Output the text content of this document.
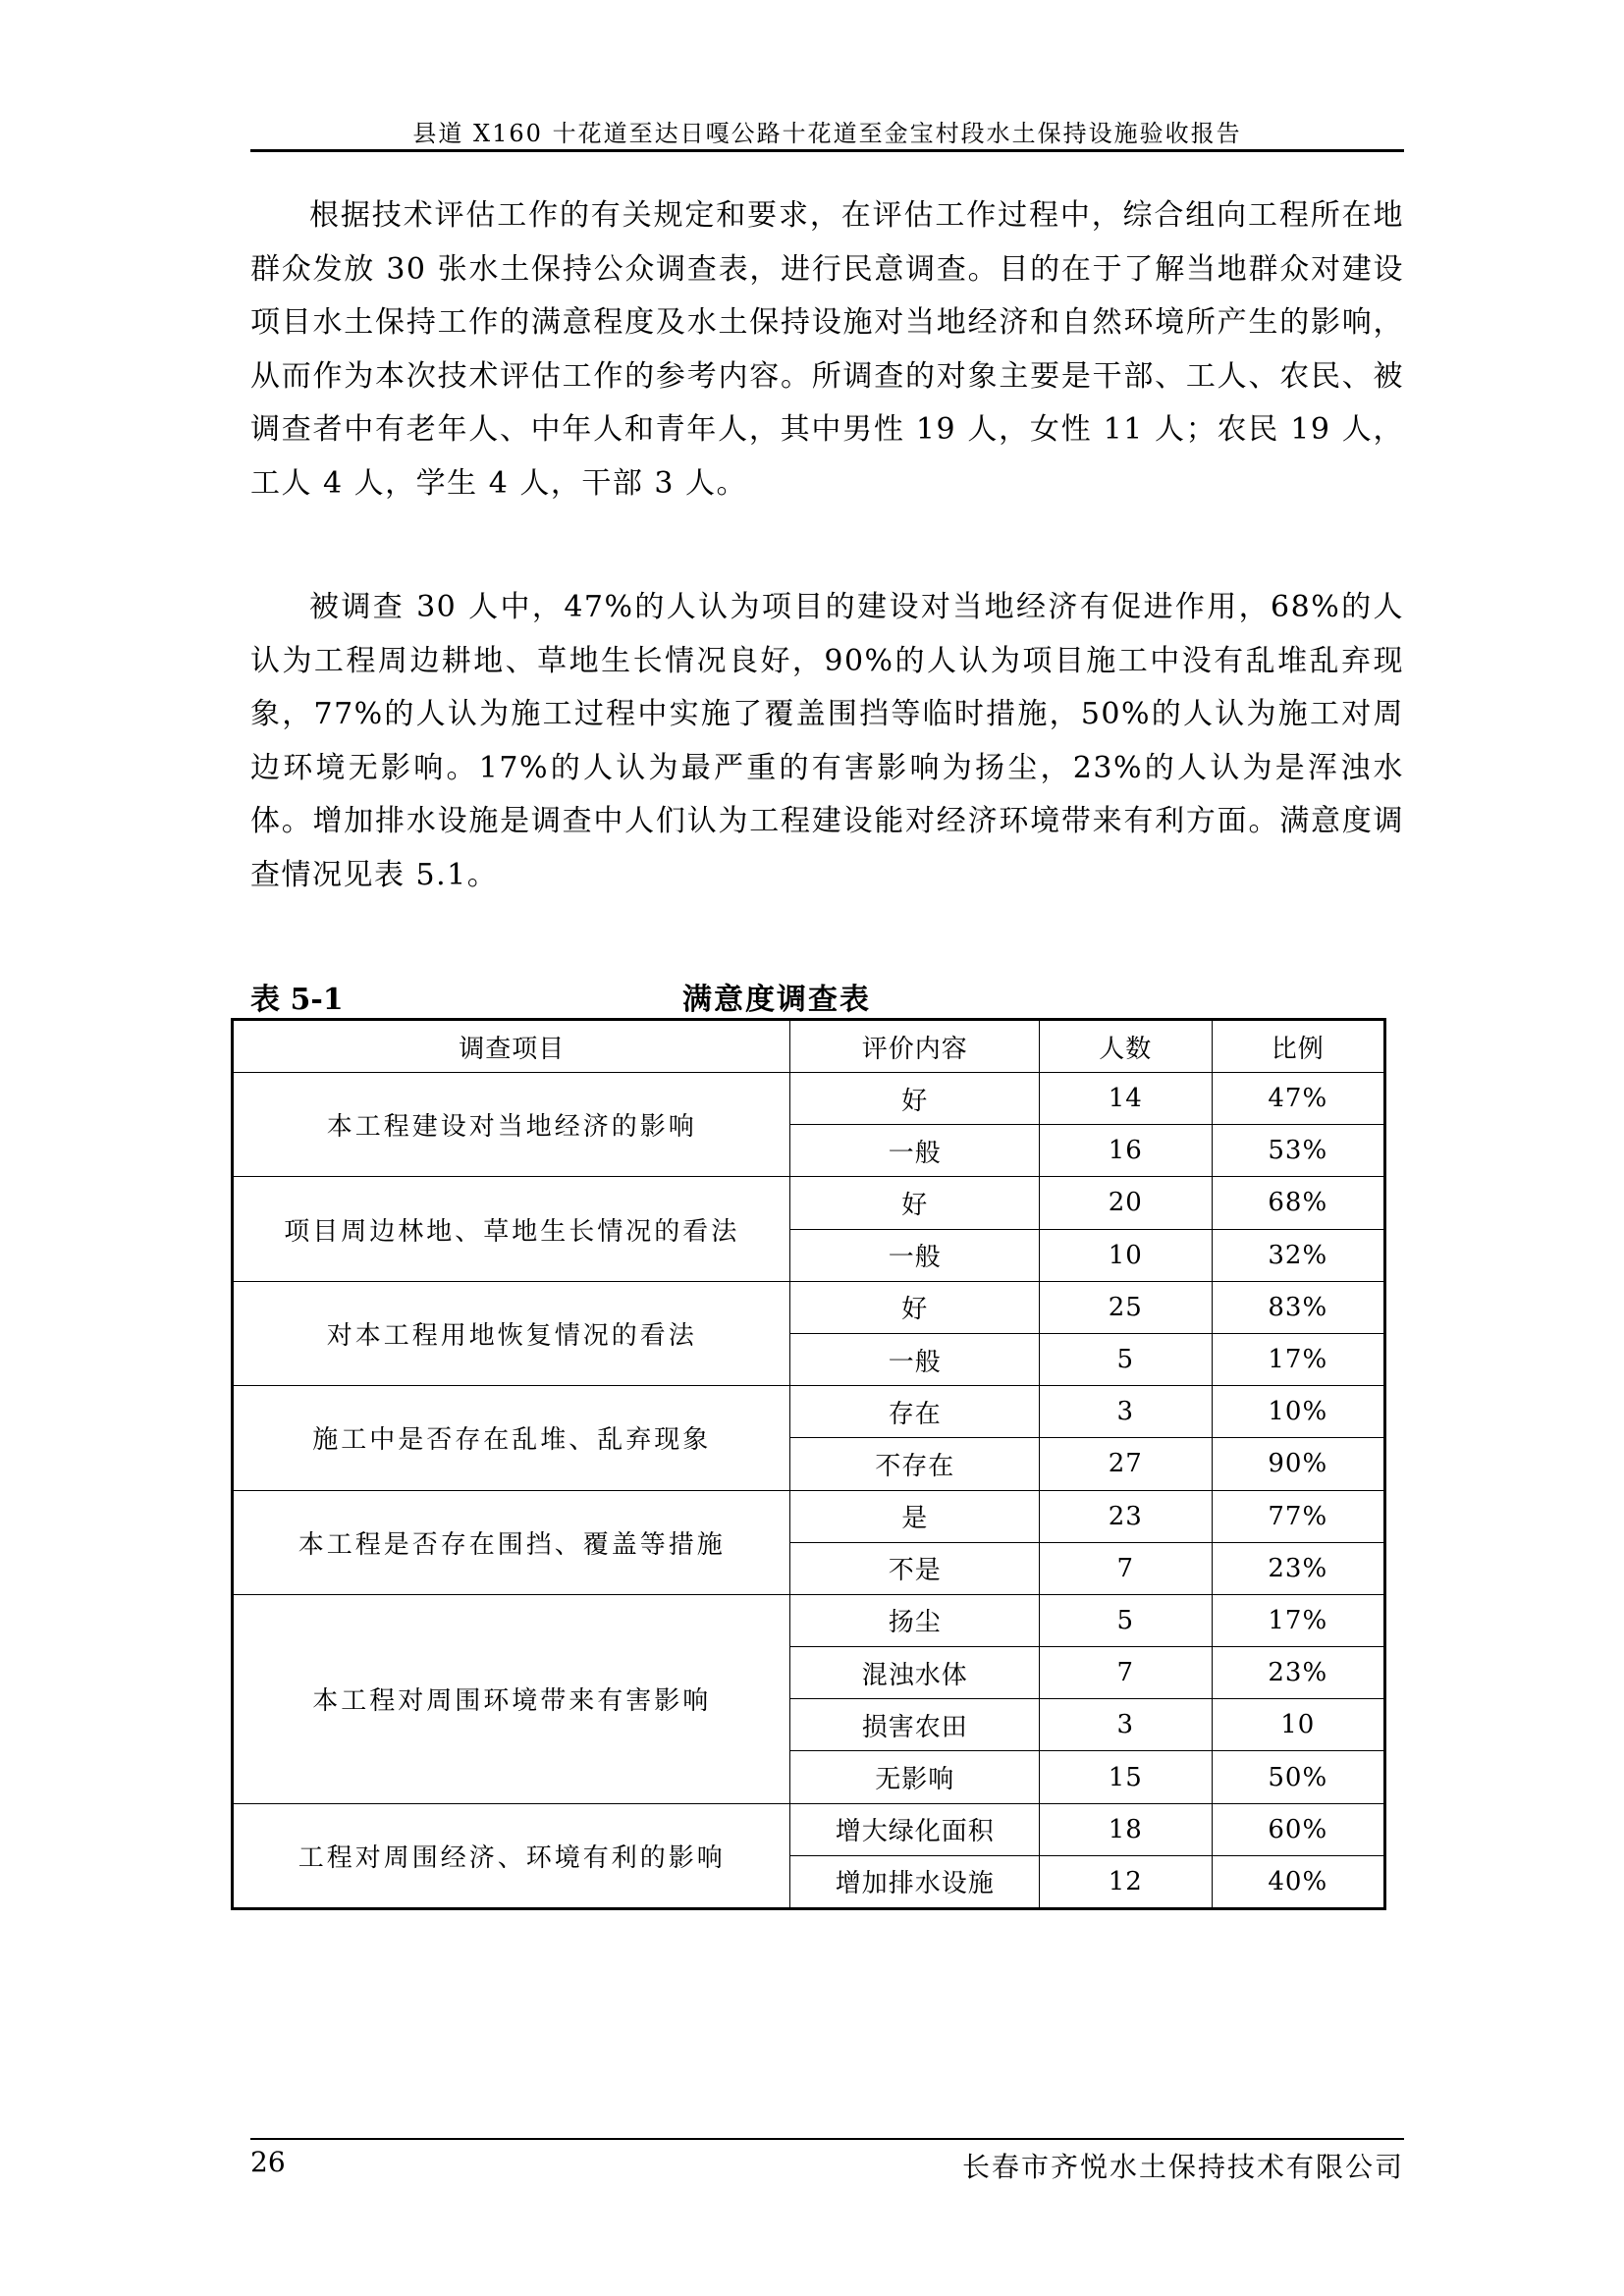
县道 X160 十花道至达日嘎公路十花道至金宝村段水土保持设施验收报告

根据技术评估工作的有关规定和要求，在评估工作过程中，综合组向工程所在地群众发放 30 张水土保持公众调查表，进行民意调查。目的在于了解当地群众对建设项目水土保持工作的满意程度及水土保持设施对当地经济和自然环境所产生的影响，从而作为本次技术评估工作的参考内容。所调查的对象主要是干部、工人、农民、被调查者中有老年人、中年人和青年人，其中男性 19 人，女性 11 人；农民 19 人，工人 4 人，学生 4 人，干部 3 人。

被调查 30 人中，47%的人认为项目的建设对当地经济有促进作用，68%的人认为工程周边耕地、草地生长情况良好，90%的人认为项目施工中没有乱堆乱弃现象，77%的人认为施工过程中实施了覆盖围挡等临时措施，50%的人认为施工对周边环境无影响。17%的人认为最严重的有害影响为扬尘，23%的人认为是浑浊水体。增加排水设施是调查中人们认为工程建设能对经济环境带来有利方面。满意度调查情况见表 5.1。

表 5-1	满意度调查表
调查项目	评价内容	人数	比例
本工程建设对当地经济的影响	好	14	47%
	一般	16	53%
项目周边林地、草地生长情况的看法	好	20	68%
	一般	10	32%
对本工程用地恢复情况的看法	好	25	83%
	一般	5	17%
施工中是否存在乱堆、乱弃现象	存在	3	10%
	不存在	27	90%
本工程是否存在围挡、覆盖等措施	是	23	77%
	不是	7	23%
本工程对周围环境带来有害影响	扬尘	5	17%
	混浊水体	7	23%
	损害农田	3	10
	无影响	15	50%
工程对周围经济、环境有利的影响	增大绿化面积	18	60%
	增加排水设施	12	40%
26	长春市齐悦水土保持技术有限公司
